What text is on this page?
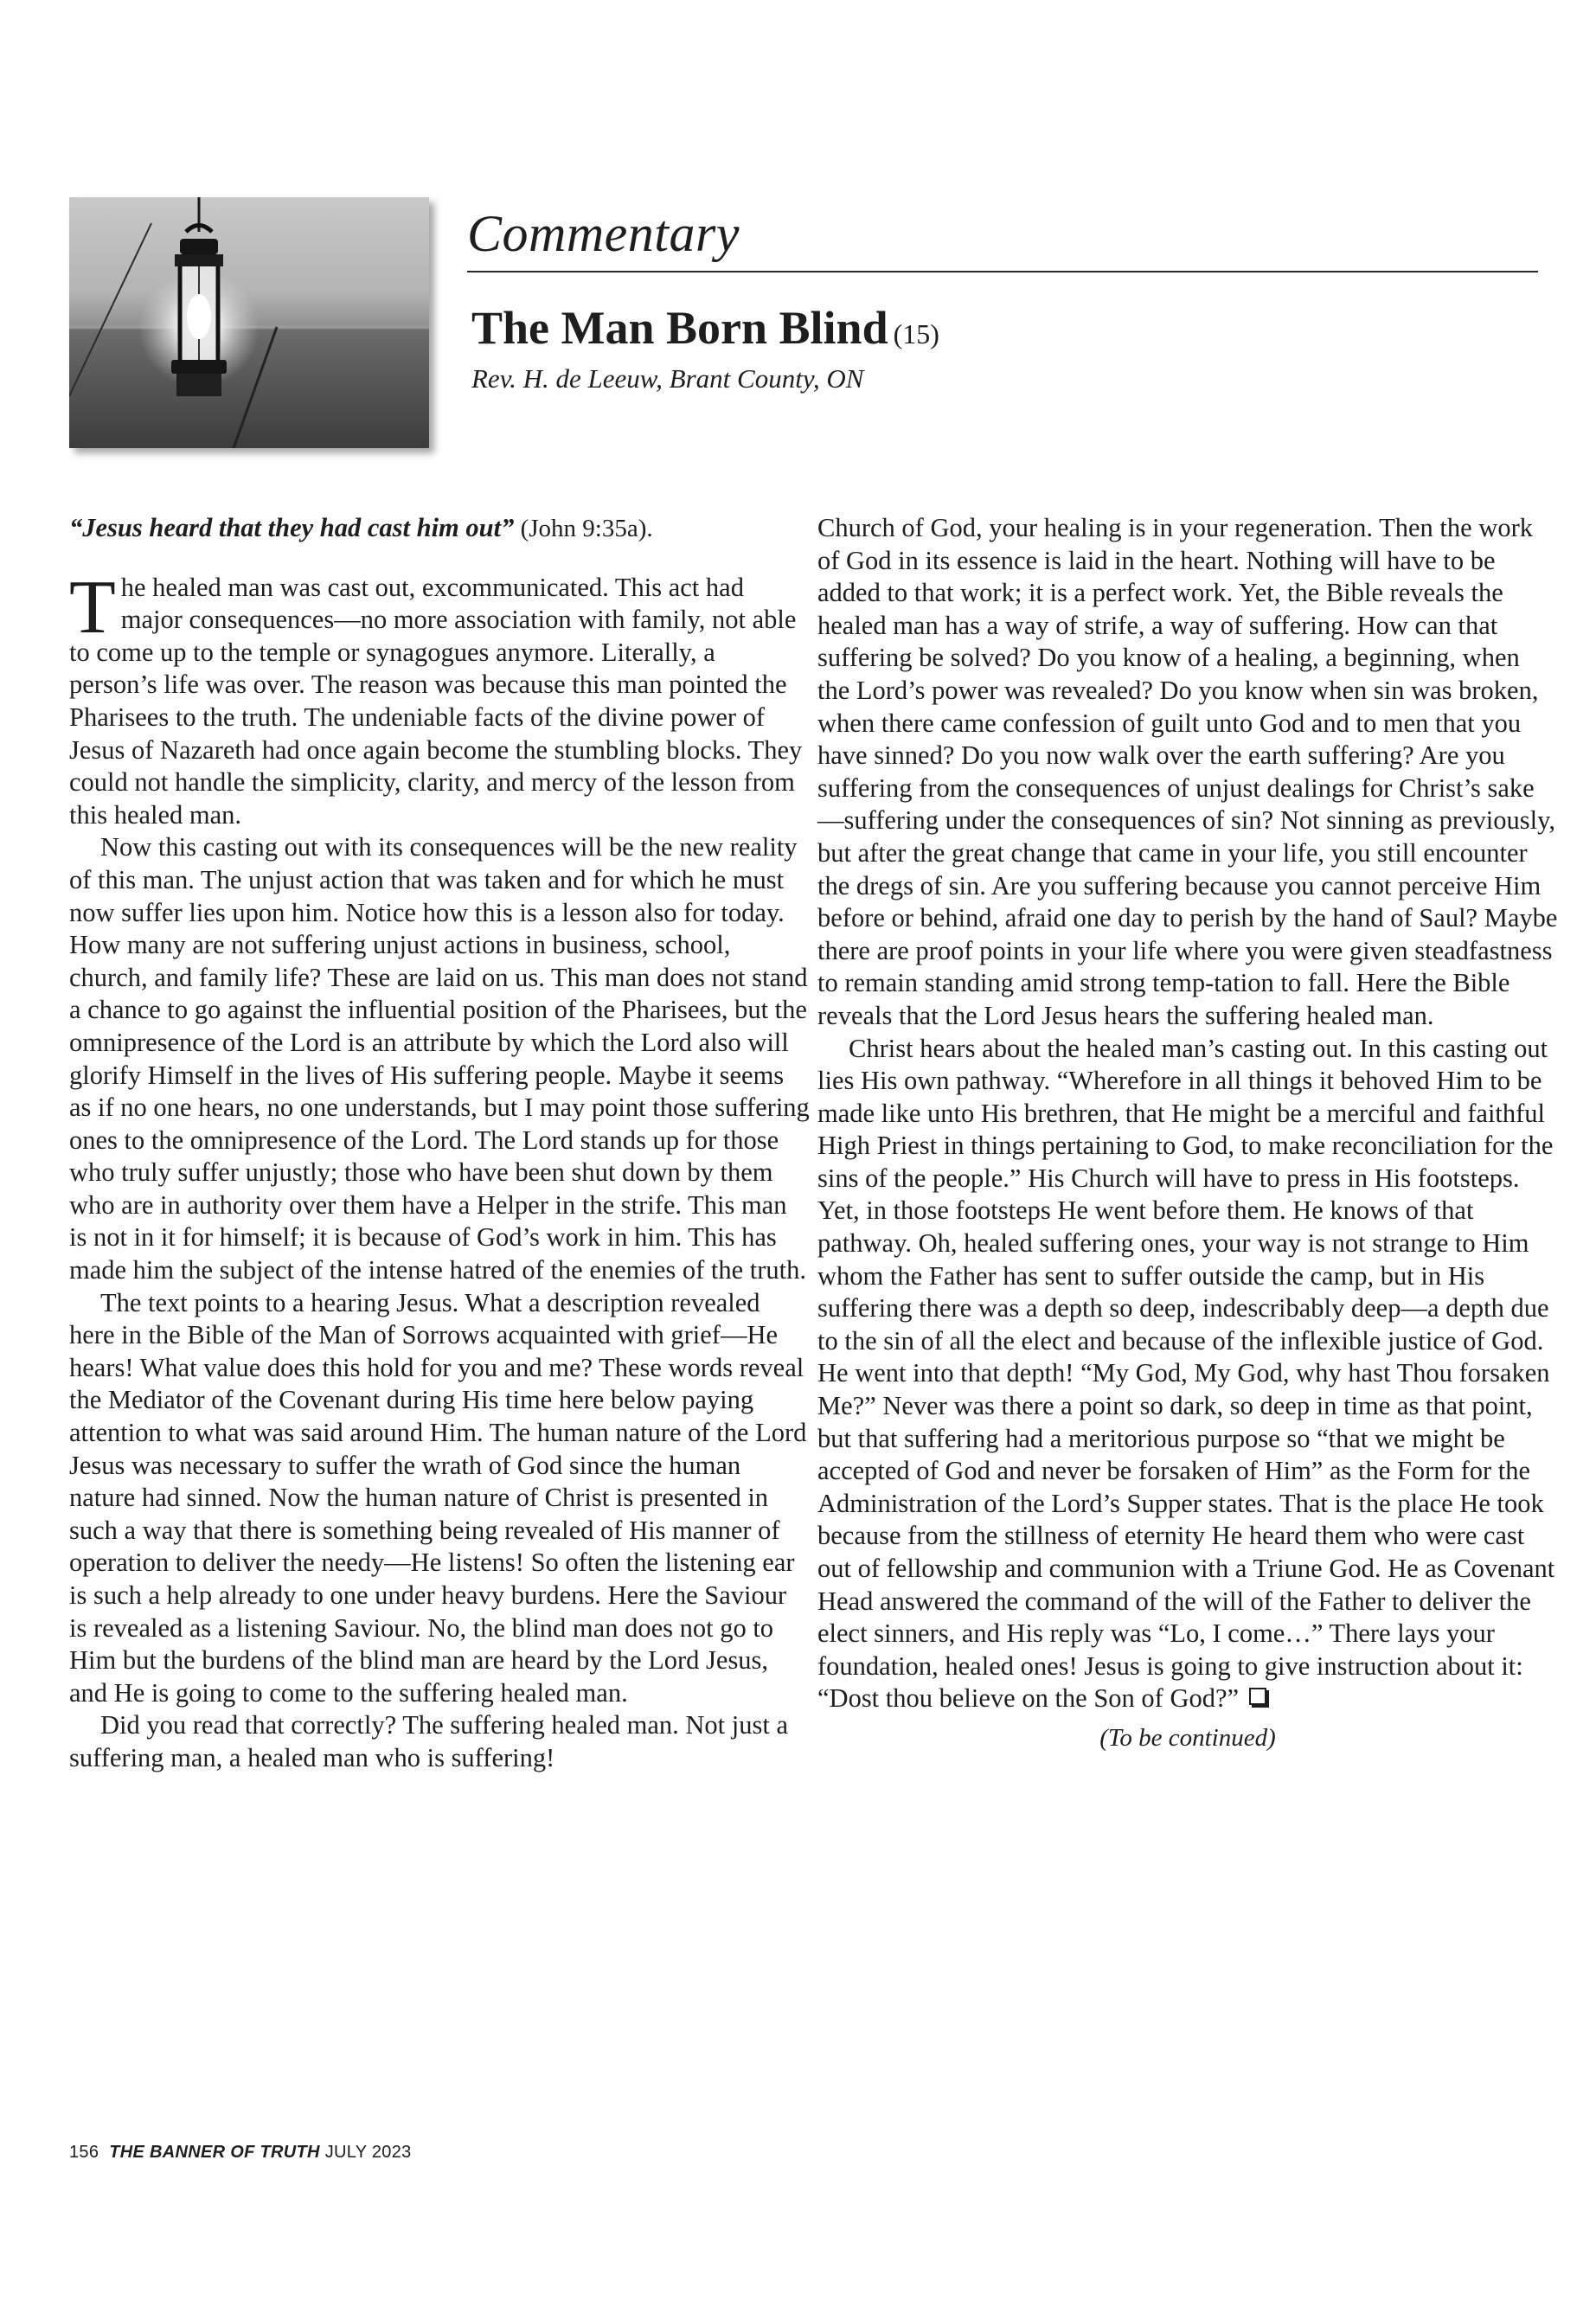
Commentary
The Man Born Blind (15)
Rev. H. de Leeuw, Brant County, ON

“Jesus heard that they had cast him out” (John 9:35a).

The healed man was cast out, excommunicated. This act had major consequences—no more association with family, not able to come up to the temple or synagogues anymore. Literally, a person’s life was over. The reason was because this man pointed the Pharisees to the truth. The undeniable facts of the divine power of Jesus of Nazareth had once again become the stumbling blocks. They could not handle the simplicity, clarity, and mercy of the lesson from this healed man.

Now this casting out with its consequences will be the new reality of this man. The unjust action that was taken and for which he must now suffer lies upon him. Notice how this is a lesson also for today. How many are not suffering unjust actions in business, school, church, and family life? These are laid on us. This man does not stand a chance to go against the influential position of the Pharisees, but the omnipresence of the Lord is an attribute by which the Lord also will glorify Himself in the lives of His suffering people. Maybe it seems as if no one hears, no one understands, but I may point those suffering ones to the omnipresence of the Lord. The Lord stands up for those who truly suffer unjustly; those who have been shut down by them who are in authority over them have a Helper in the strife. This man is not in it for himself; it is because of God’s work in him. This has made him the subject of the intense hatred of the enemies of the truth.

The text points to a hearing Jesus. What a description revealed here in the Bible of the Man of Sorrows acquainted with grief—He hears! What value does this hold for you and me? These words reveal the Mediator of the Covenant during His time here below paying attention to what was said around Him. The human nature of the Lord Jesus was necessary to suffer the wrath of God since the human nature had sinned. Now the human nature of Christ is presented in such a way that there is something being revealed of His manner of operation to deliver the needy—He listens! So often the listening ear is such a help already to one under heavy burdens. Here the Saviour is revealed as a listening Saviour. No, the blind man does not go to Him but the burdens of the blind man are heard by the Lord Jesus, and He is going to come to the suffering healed man.

Did you read that correctly? The suffering healed man. Not just a suffering man, a healed man who is suffering!

Church of God, your healing is in your regeneration. Then the work of God in its essence is laid in the heart. Nothing will have to be added to that work; it is a perfect work. Yet, the Bible reveals the healed man has a way of strife, a way of suffering. How can that suffering be solved? Do you know of a healing, a beginning, when the Lord’s power was revealed? Do you know when sin was broken, when there came confession of guilt unto God and to men that you have sinned? Do you now walk over the earth suffering? Are you suffering from the consequences of unjust dealings for Christ’s sake—suffering under the consequences of sin? Not sinning as previously, but after the great change that came in your life, you still encounter the dregs of sin. Are you suffering because you cannot perceive Him before or behind, afraid one day to perish by the hand of Saul? Maybe there are proof points in your life where you were given steadfastness to remain standing amid strong temp-tation to fall. Here the Bible reveals that the Lord Jesus hears the suffering healed man.

Christ hears about the healed man’s casting out. In this casting out lies His own pathway. “Wherefore in all things it behoved Him to be made like unto His brethren, that He might be a merciful and faithful High Priest in things pertaining to God, to make reconciliation for the sins of the people.” His Church will have to press in His footsteps. Yet, in those footsteps He went before them. He knows of that pathway. Oh, healed suffering ones, your way is not strange to Him whom the Father has sent to suffer outside the camp, but in His suffering there was a depth so deep, indescribably deep—a depth due to the sin of all the elect and because of the inflexible justice of God. He went into that depth! “My God, My God, why hast Thou forsaken Me?” Never was there a point so dark, so deep in time as that point, but that suffering had a meritorious purpose so “that we might be accepted of God and never be forsaken of Him” as the Form for the Administration of the Lord’s Supper states. That is the place He took because from the stillness of eternity He heard them who were cast out of fellowship and communion with a Triune God. He as Covenant Head answered the command of the will of the Father to deliver the elect sinners, and His reply was “Lo, I come…” There lays your foundation, healed ones! Jesus is going to give instruction about it: “Dost thou believe on the Son of God?”

(To be continued)

156 THE BANNER OF TRUTH JULY 2023
